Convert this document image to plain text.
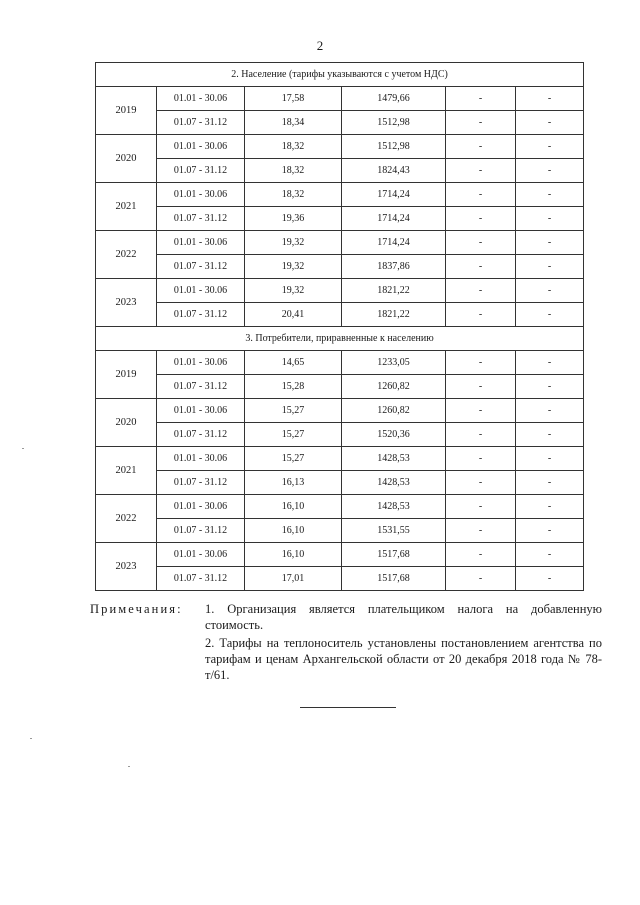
2
2. Население (тарифы указываются с учетом НДС)					
2019	01.01 - 30.06	17,58	1479,66	-	-
	01.07 - 31.12	18,34	1512,98	-	-
2020	01.01 - 30.06	18,32	1512,98	-	-
	01.07 - 31.12	18,32	1824,43	-	-
2021	01.01 - 30.06	18,32	1714,24	-	-
	01.07 - 31.12	19,36	1714,24	-	-
2022	01.01 - 30.06	19,32	1714,24	-	-
	01.07 - 31.12	19,32	1837,86	-	-
2023	01.01 - 30.06	19,32	1821,22	-	-
	01.07 - 31.12	20,41	1821,22	-	-
3. Потребители, приравненные к населению					
2019	01.01 - 30.06	14,65	1233,05	-	-
	01.07 - 31.12	15,28	1260,82	-	-
2020	01.01 - 30.06	15,27	1260,82	-	-
	01.07 - 31.12	15,27	1520,36	-	-
2021	01.01 - 30.06	15,27	1428,53	-	-
	01.07 - 31.12	16,13	1428,53	-	-
2022	01.01 - 30.06	16,10	1428,53	-	-
	01.07 - 31.12	16,10	1531,55	-	-
2023	01.01 - 30.06	16,10	1517,68	-	-
	01.07 - 31.12	17,01	1517,68	-	-
Примечания:	1. Организация является плательщиком налога на добавленную стоимость.

2. Тарифы на теплоноситель установлены постановлением агентства по тарифам и ценам Архангельской области от 20 декабря 2018 года № 78-т/61.
